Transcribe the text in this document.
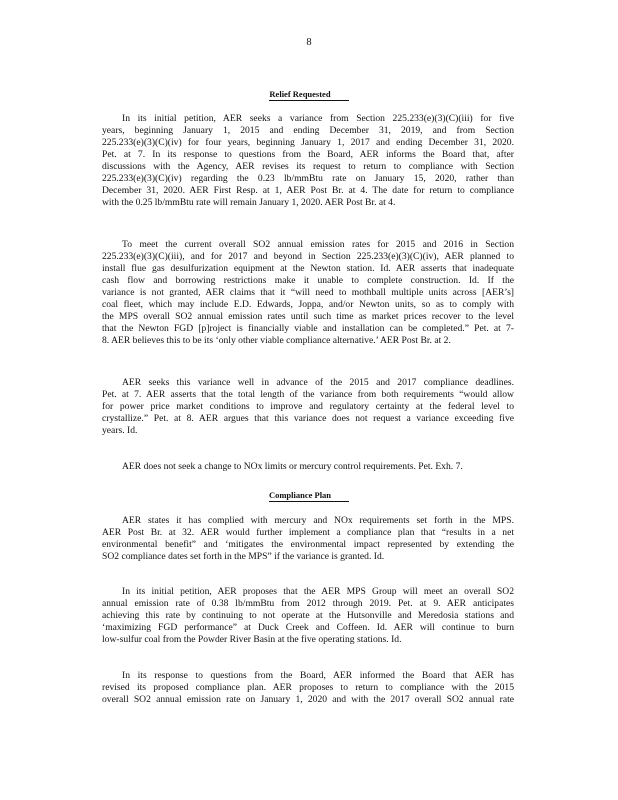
8
Relief Requested
In its initial petition, AER seeks a variance from Section 225.233(e)(3)(C)(iii) for five
years, beginning January 1, 2015 and ending December 31, 2019, and from Section
225.233(e)(3)(C)(iv) for four years, beginning January 1, 2017 and ending December 31, 2020.
Pet. at 7. In its response to questions from the Board, AER informs the Board that, after
discussions with the Agency, AER revises its request to return to compliance with Section
225.233(e)(3)(C)(iv) regarding the 0.23 lb/mmBtu rate on January 15, 2020, rather than
December 31, 2020. AER First Resp. at 1, AER Post Br. at 4. The date for return to compliance
with the 0.25 lb/mmBtu rate will remain January 1, 2020. AER Post Br. at 4.
To meet the current overall SO2 annual emission rates for 2015 and 2016 in Section
225.233(e)(3)(C)(iii), and for 2017 and beyond in Section 225.233(e)(3)(C)(iv), AER planned to
install flue gas desulfurization equipment at the Newton station. Id. AER asserts that inadequate
cash flow and borrowing restrictions make it unable to complete construction. Id. If the
variance is not granted, AER claims that it “will need to mothball multiple units across [AER’s]
coal fleet, which may include E.D. Edwards, Joppa, and/or Newton units, so as to comply with
the MPS overall SO2 annual emission rates until such time as market prices recover to the level
that the Newton FGD [p]roject is financially viable and installation can be completed.” Pet. at 7-
8. AER believes this to be its ‘only other viable compliance alternative.’ AER Post Br. at 2.
AER seeks this variance well in advance of the 2015 and 2017 compliance deadlines.
Pet. at 7. AER asserts that the total length of the variance from both requirements “would allow
for power price market conditions to improve and regulatory certainty at the federal level to
crystallize.” Pet. at 8. AER argues that this variance does not request a variance exceeding five
years. Id.
AER does not seek a change to NOx limits or mercury control requirements. Pet. Exh. 7.
Compliance Plan
AER states it has complied with mercury and NOx requirements set forth in the MPS.
AER Post Br. at 32. AER would further implement a compliance plan that “results in a net
environmental benefit” and ‘mitigates the environmental impact represented by extending the
SO2 compliance dates set forth in the MPS” if the variance is granted. Id.
In its initial petition, AER proposes that the AER MPS Group will meet an overall SO2
annual emission rate of 0.38 lb/mmBtu from 2012 through 2019. Pet. at 9. AER anticipates
achieving this rate by continuing to not operate at the Hutsonville and Meredosia stations and
‘maximizing FGD performance” at Duck Creek and Coffeen. Id. AER will continue to burn
low-sulfur coal from the Powder River Basin at the five operating stations. Id.
In its response to questions from the Board, AER informed the Board that AER has
revised its proposed compliance plan. AER proposes to return to compliance with the 2015
overall SO2 annual emission rate on January 1, 2020 and with the 2017 overall SO2 annual rate
